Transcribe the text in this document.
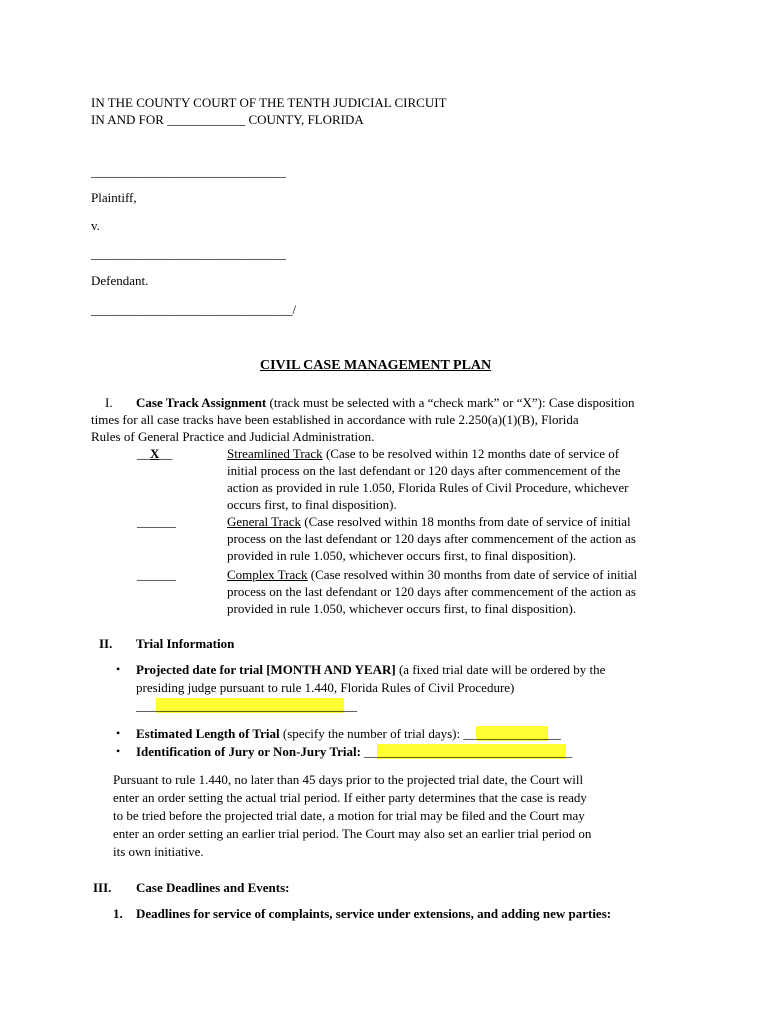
IN THE COUNTY COURT OF THE TENTH JUDICIAL CIRCUIT
IN AND FOR ____________ COUNTY, FLORIDA
______________________________
Plaintiff,
v.
______________________________
Defendant.
_______________________________/
CIVIL CASE MANAGEMENT PLAN
I. Case Track Assignment (track must be selected with a “check mark” or “X”): Case disposition
times for all case tracks have been established in accordance with rule 2.250(a)(1)(B), Florida
Rules of General Practice and Judicial Administration.
__X__	Streamlined Track (Case to be resolved within 12 months date of service of
initial process on the last defendant or 120 days after commencement of the
action as provided in rule 1.050, Florida Rules of Civil Procedure, whichever
occurs first, to final disposition).
______	General Track (Case resolved within 18 months from date of service of initial
process on the last defendant or 120 days after commencement of the action as
provided in rule 1.050, whichever occurs first, to final disposition).
______	Complex Track (Case resolved within 30 months from date of service of initial
process on the last defendant or 120 days after commencement of the action as
provided in rule 1.050, whichever occurs first, to final disposition).
II. Trial Information
• Projected date for trial [MONTH AND YEAR] (a fixed trial date will be ordered by the
presiding judge pursuant to rule 1.440, Florida Rules of Civil Procedure)
__________________________________
• Estimated Length of Trial (specify the number of trial days): _______________
• Identification of Jury or Non-Jury Trial: ________________________________
Pursuant to rule 1.440, no later than 45 days prior to the projected trial date, the Court will
enter an order setting the actual trial period. If either party determines that the case is ready
to be tried before the projected trial date, a motion for trial may be filed and the Court may
enter an order setting an earlier trial period. The Court may also set an earlier trial period on
its own initiative.
III. Case Deadlines and Events:
1. Deadlines for service of complaints, service under extensions, and adding new parties:
